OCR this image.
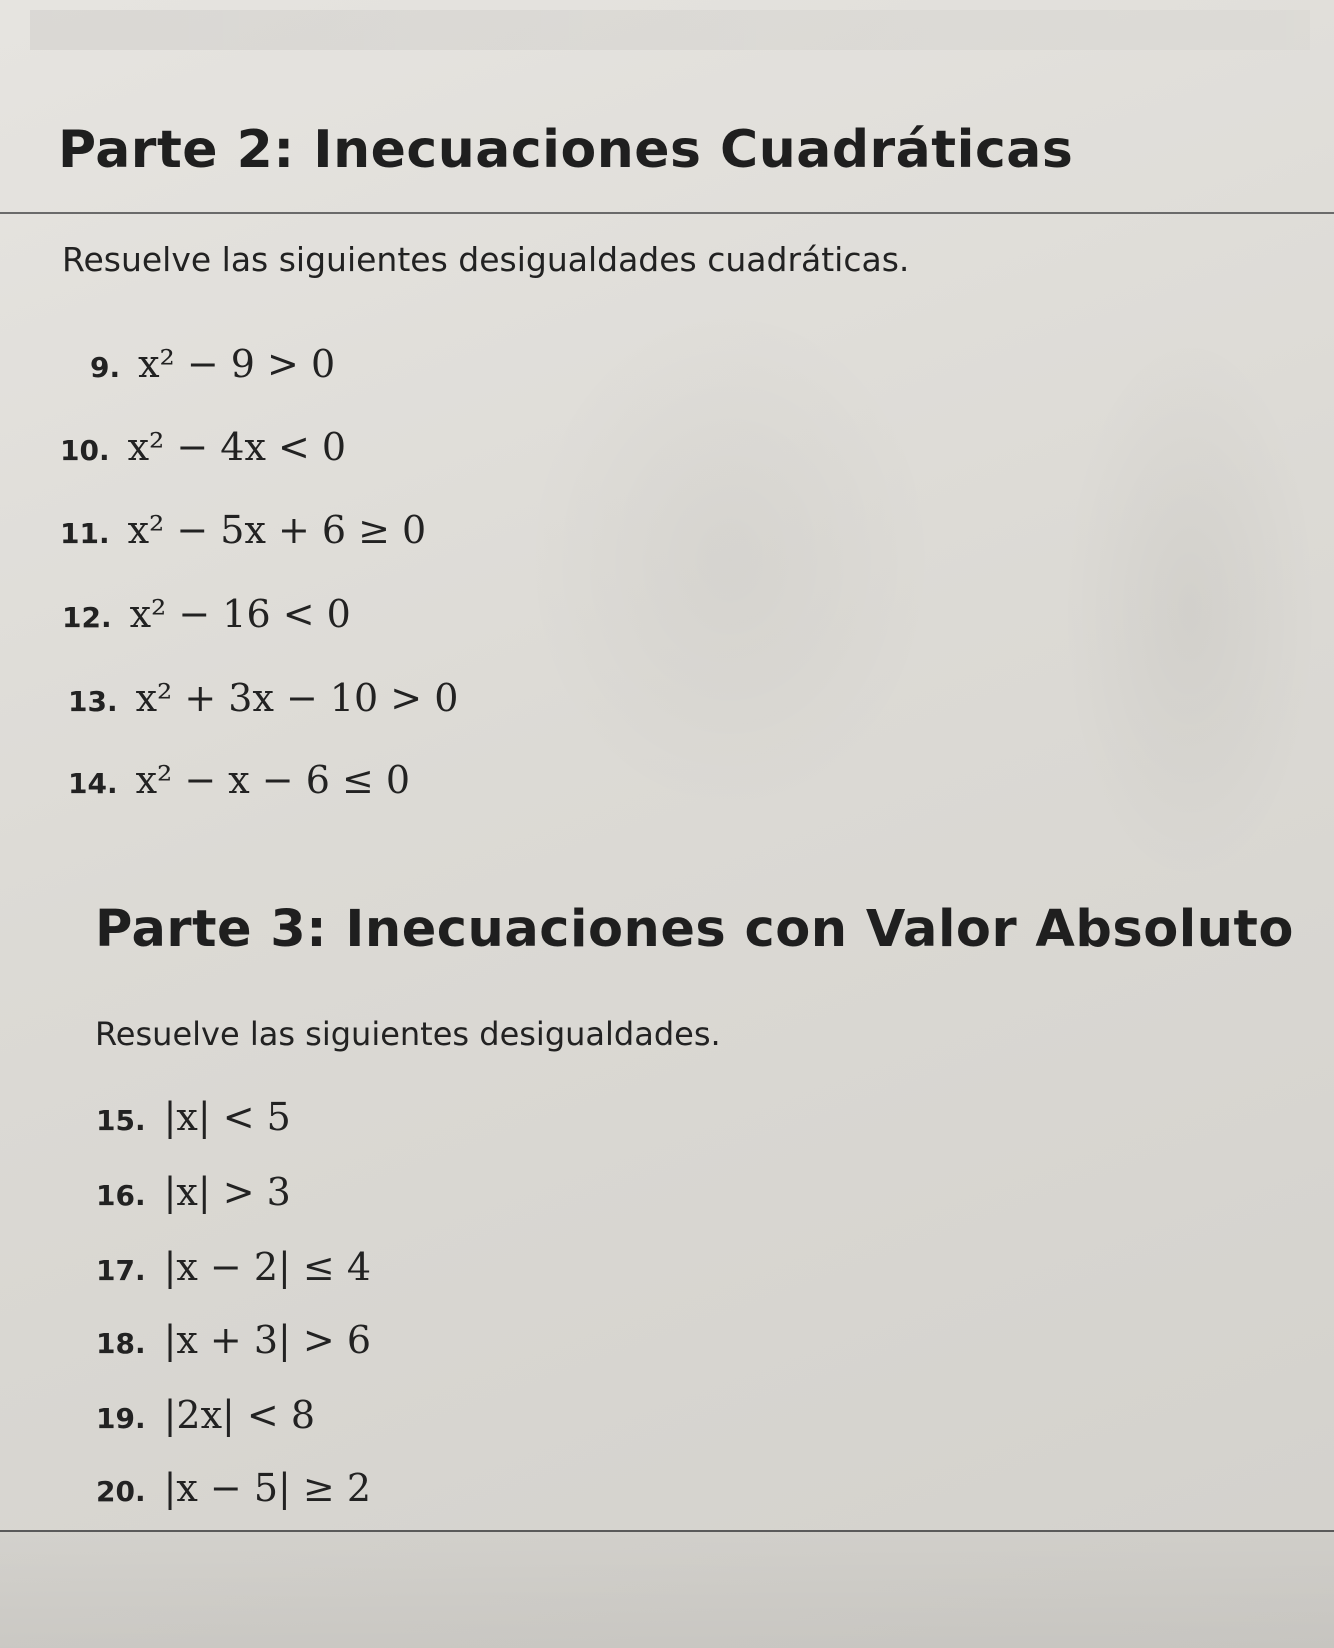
Parte 2: Inecuaciones Cuadráticas

Resuelve las siguientes desigualdades cuadráticas.

9. x² − 9 > 0
10. x² − 4x < 0
11. x² − 5x + 6 ≥ 0
12. x² − 16 < 0
13. x² + 3x − 10 > 0
14. x² − x − 6 ≤ 0
Parte 3: Inecuaciones con Valor Absoluto

Resuelve las siguientes desigualdades.

15. |x| < 5
16. |x| > 3
17. |x − 2| ≤ 4
18. |x + 3| > 6
19. |2x| < 8
20. |x − 5| ≥ 2
